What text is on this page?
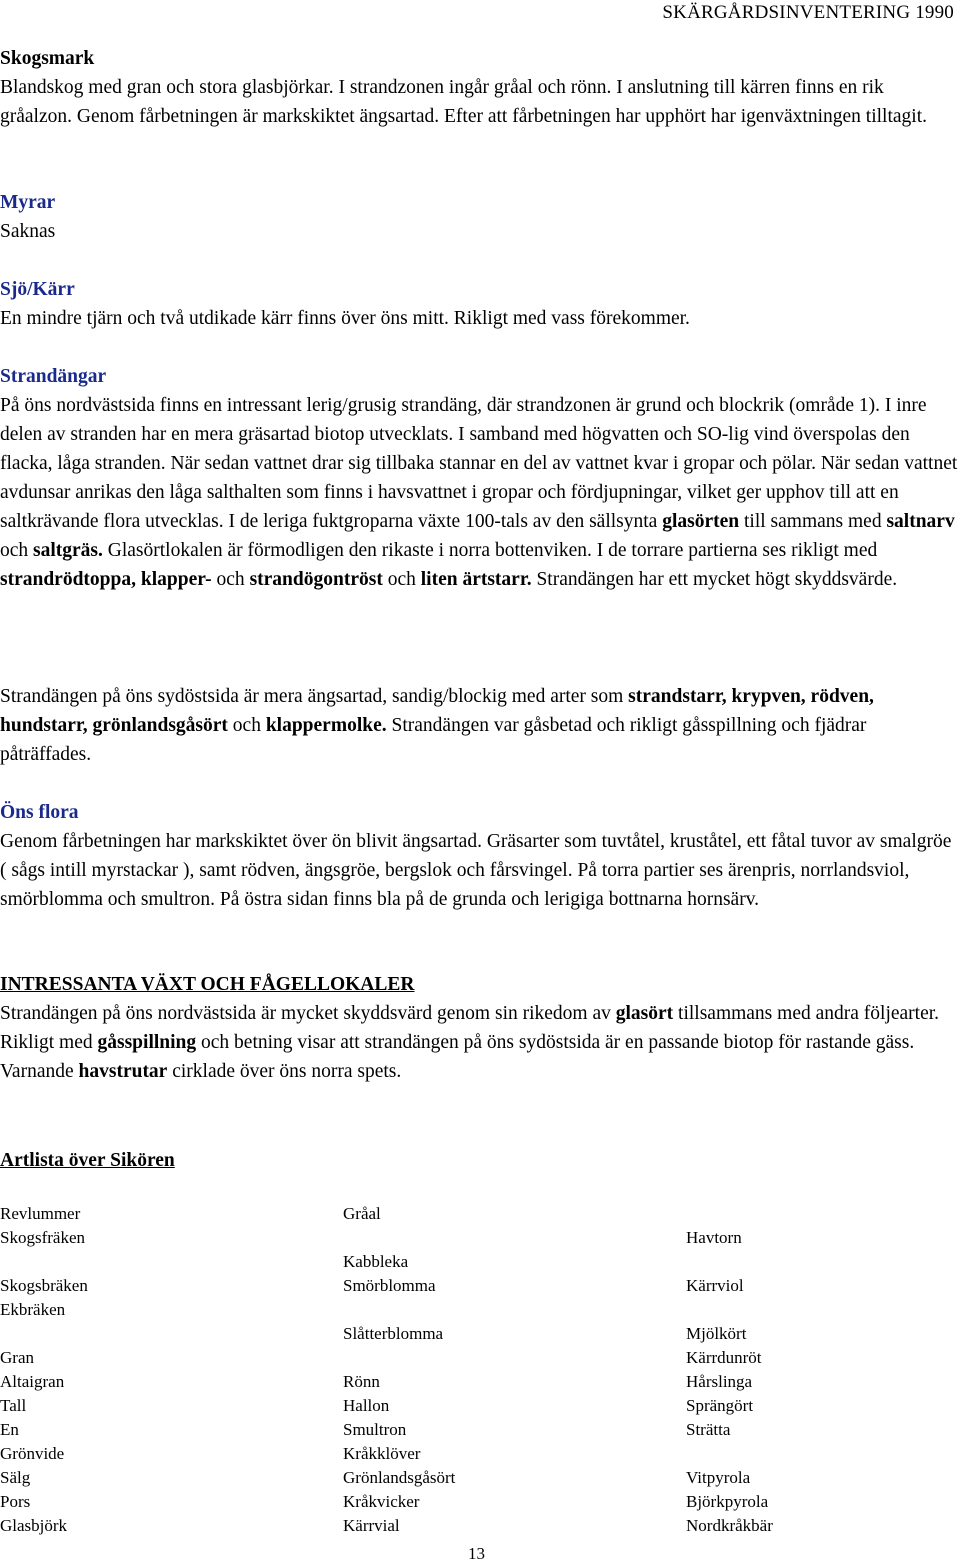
SKÄRGÅRDSINVENTERING 1990
Skogsmark

Blandskog med gran och stora glasbjörkar. I strandzonen ingår gråal och rönn. I anslutning till kärren finns en rik gråalzon. Genom fårbetningen är markskiktet ängsartad. Efter att fårbetningen har upphört har igenväxtningen tilltagit.

Myrar

Saknas

Sjö/Kärr

En mindre tjärn och två utdikade kärr finns över öns mitt. Rikligt med vass förekommer.

Strandängar

På öns nordvästsida finns en intressant lerig/grusig strandäng, där strandzonen är grund och blockrik (område 1). I inre delen av stranden har en mera gräsartad biotop utvecklats. I samband med högvatten och SO-lig vind överspolas den flacka, låga stranden. När sedan vattnet drar sig tillbaka stannar en del av vattnet kvar i gropar och pölar. När sedan vattnet avdunsar anrikas den låga salthalten som finns i havsvattnet i gropar och fördjupningar, vilket ger upphov till att en saltkrävande flora utvecklas. I de leriga fuktgroparna växte 100-tals av den sällsynta glasörten till sammans med saltnarv och saltgräs. Glasörtlokalen är förmodligen den rikaste i norra bottenviken. I de torrare partierna ses rikligt med strandrödtoppa, klapper- och strandögontröst och liten ärtstarr. Strandängen har ett mycket högt skyddsvärde.

Strandängen på öns sydöstsida är mera ängsartad, sandig/blockig med arter som strandstarr, krypven, rödven, hundstarr, grönlandsgåsört och klappermolke. Strandängen var gåsbetad och rikligt gåsspillning och fjädrar påträffades.

Öns flora

Genom fårbetningen har markskiktet över ön blivit ängsartad. Gräsarter som tuvtåtel, kruståtel, ett fåtal tuvor av smalgröe ( sågs intill myrstackar ), samt rödven, ängsgröe, bergslok och fårsvingel. På torra partier ses ärenpris, norrlandsviol, smörblomma och smultron. På östra sidan finns bla på de grunda och lerigiga bottnarna hornsärv.

INTRESSANTA VÄXT OCH FÅGELLOKALER

Strandängen på öns nordvästsida är mycket skyddsvärd genom sin rikedom av glasört tillsammans med andra följearter. Rikligt med gåsspillning och betning visar att strandängen på öns sydöstsida är en passande biotop för rastande gäss. Varnande havstrutar cirklade över öns norra spets.

Artlista över Sikören
Revlummer
Skogsfräken

Skogsbräken
Ekbräken

Gran
Altaigran
Tall
En
Grönvide
Sälg
Pors
Glasbjörk
Gråal

Kabbleka
Smörblomma

Slåtterblomma

Rönn
Hallon
Smultron
Kråkklöver
Grönlandsgåsört
Kråkvicker
Kärrvial

Havtorn

Kärrviol

Mjölkört
Kärrdunröt
Hårslinga
Sprängört
Strätta

Vitpyrola
Björkpyrola
Nordkråkbär
13
